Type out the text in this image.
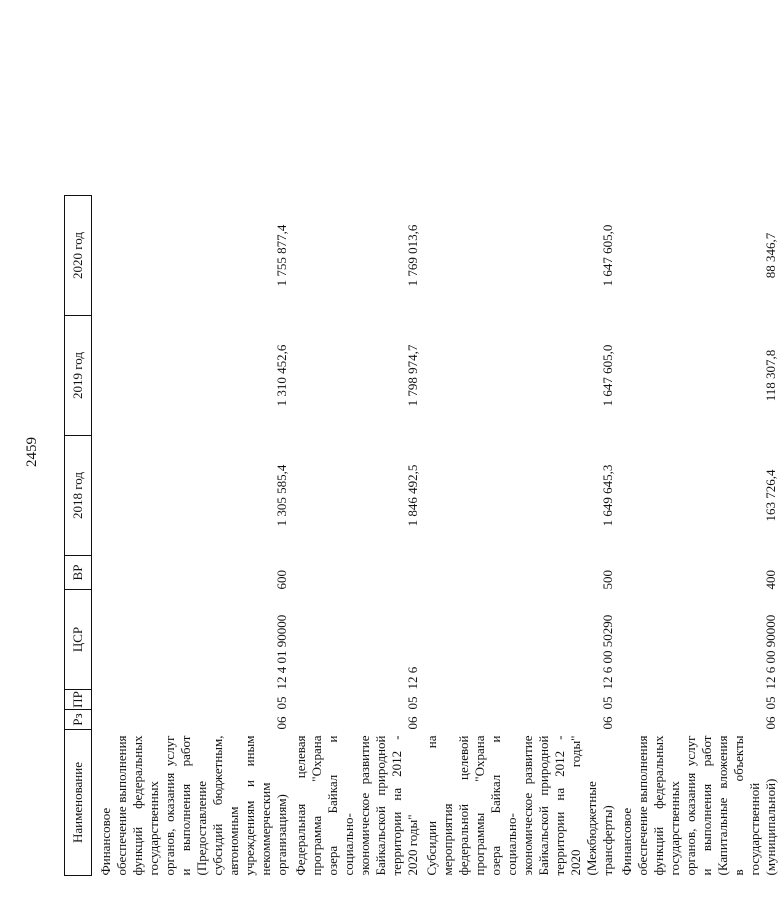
2459
Наименование	Рз	ПР	ЦСР	ВР	2018 год	2019 год	2020 год

Финансовое обеспечение выполнения функций федеральных государственных органов, оказания услуг и выполнения работ (Предоставление субсидий бюджетным, автономным учреждениям и иным некоммерческим организациям)	06	05	12 4 01 90000	600	1 305 585,4	1 310 452,6	1 755 877,4
Федеральная целевая программа "Охрана озера Байкал и социально-экономическое развитие Байкальской природной территории на 2012 - 2020 годы"	06	05	12 6		1 846 492,5	1 798 974,7	1 769 013,6
Субсидии на мероприятия федеральной целевой программы "Охрана озера Байкал и социально-экономическое развитие Байкальской природной территории на 2012 - 2020 годы" (Межбюджетные трансферты)	06	05	12 6 00 50290	500	1 649 645,3	1 647 605,0	1 647 605,0
Финансовое обеспечение выполнения функций федеральных государственных органов, оказания услуг и выполнения работ (Капитальные вложения в объекты государственной (муниципальной)	06	05	12 6 00 90000	400	163 726,4	118 307,8	88 346,7
